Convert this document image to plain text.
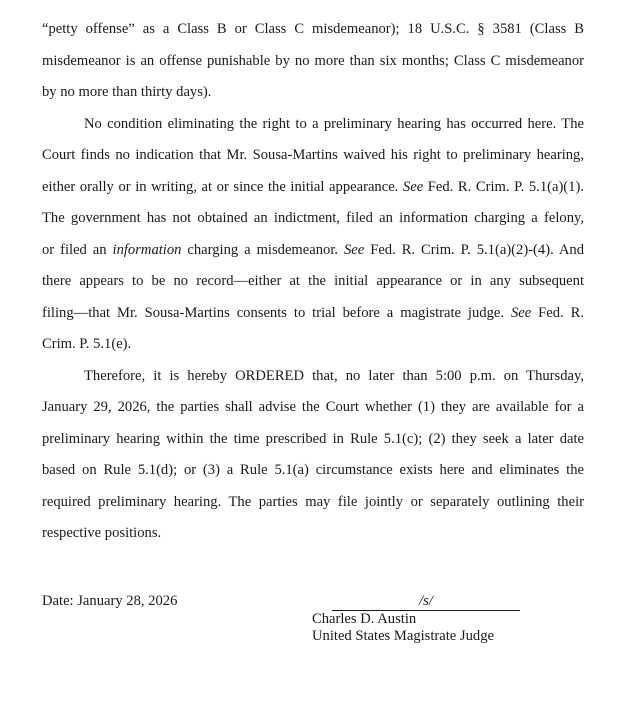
“petty offense” as a Class B or Class C misdemeanor); 18 U.S.C. § 3581 (Class B
misdemeanor is an offense punishable by no more than six months; Class C misdemeanor
by no more than thirty days).

No condition eliminating the right to a preliminary hearing has occurred here. The
Court finds no indication that Mr. Sousa-Martins waived his right to preliminary hearing,
either orally or in writing, at or since the initial appearance. See Fed. R. Crim. P. 5.1(a)(1).
The government has not obtained an indictment, filed an information charging a felony,
or filed an information charging a misdemeanor. See Fed. R. Crim. P. 5.1(a)(2)-(4). And
there appears to be no record—either at the initial appearance or in any subsequent
filing—that Mr. Sousa-Martins consents to trial before a magistrate judge. See Fed. R.
Crim. P. 5.1(e).

Therefore, it is hereby ORDERED that, no later than 5:00 p.m. on Thursday,
January 29, 2026, the parties shall advise the Court whether (1) they are available for a
preliminary hearing within the time prescribed in Rule 5.1(c); (2) they seek a later date
based on Rule 5.1(d); or (3) a Rule 5.1(a) circumstance exists here and eliminates the
required preliminary hearing. The parties may file jointly or separately outlining their
respective positions.

Date: January 28, 2026	/s/
Charles D. Austin
United States Magistrate Judge
